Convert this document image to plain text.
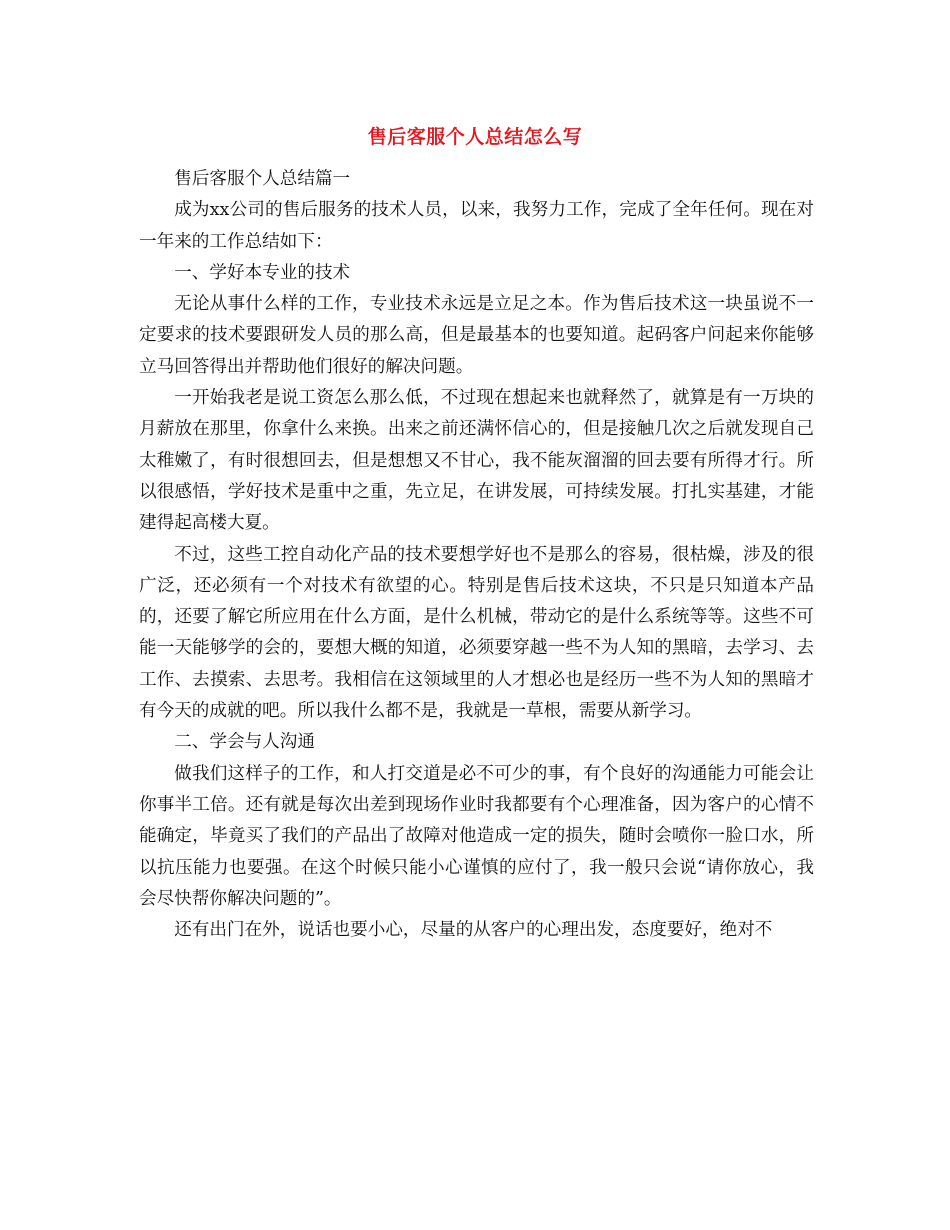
售后客服个人总结怎么写

售后客服个人总结篇一

成为xx公司的售后服务的技术人员，以来，我努力工作，完成了全年任何。现在对一年来的工作总结如下：

一、学好本专业的技术

无论从事什么样的工作，专业技术永远是立足之本。作为售后技术这一块虽说不一定要求的技术要跟研发人员的那么高，但是最基本的也要知道。起码客户问起来你能够立马回答得出并帮助他们很好的解决问题。

一开始我老是说工资怎么那么低，不过现在想起来也就释然了，就算是有一万块的月薪放在那里，你拿什么来换。出来之前还满怀信心的，但是接触几次之后就发现自己太稚嫩了，有时很想回去，但是想想又不甘心，我不能灰溜溜的回去要有所得才行。所以很感悟，学好技术是重中之重，先立足，在讲发展，可持续发展。打扎实基建，才能建得起高楼大夏。

不过，这些工控自动化产品的技术要想学好也不是那么的容易，很枯燥，涉及的很广泛，还必须有一个对技术有欲望的心。特别是售后技术这块，不只是只知道本产品的，还要了解它所应用在什么方面，是什么机械，带动它的是什么系统等等。这些不可能一天能够学的会的，要想大概的知道，必须要穿越一些不为人知的黑暗，去学习、去工作、去摸索、去思考。我相信在这领域里的人才想必也是经历一些不为人知的黑暗才有今天的成就的吧。所以我什么都不是，我就是一草根，需要从新学习。

二、学会与人沟通

做我们这样子的工作，和人打交道是必不可少的事，有个良好的沟通能力可能会让你事半工倍。还有就是每次出差到现场作业时我都要有个心理准备，因为客户的心情不能确定，毕竟买了我们的产品出了故障对他造成一定的损失，随时会喷你一脸口水，所以抗压能力也要强。在这个时候只能小心谨慎的应付了，我一般只会说“请你放心，我会尽快帮你解决问题的”。

还有出门在外，说话也要小心，尽量的从客户的心理出发，态度要好，绝对不
